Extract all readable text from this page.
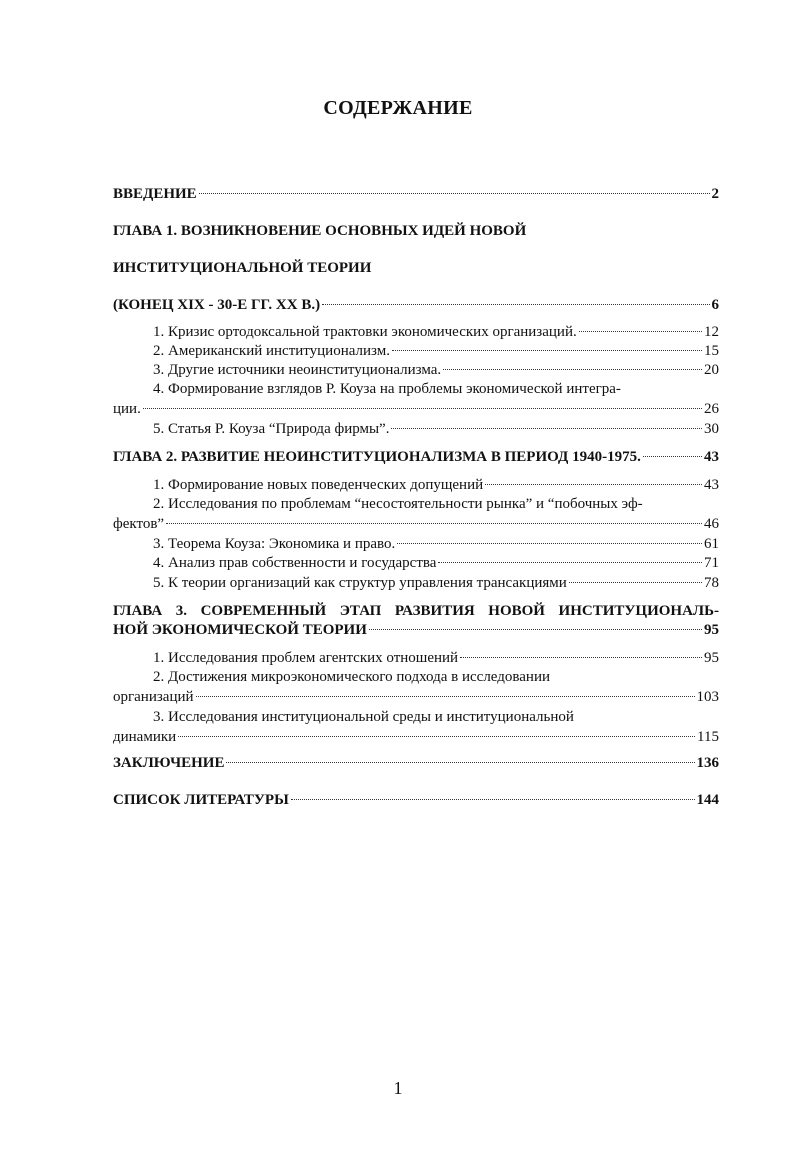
СОДЕРЖАНИЕ
ВВЕДЕНИЕ	2
ГЛАВА 1. ВОЗНИКНОВЕНИЕ ОСНОВНЫХ ИДЕЙ НОВОЙ
ИНСТИТУЦИОНАЛЬНОЙ ТЕОРИИ
(КОНЕЦ XIX - 30-Е ГГ. XX В.)	6
1. Кризис ортодоксальной трактовки экономических организаций.	12
2. Американский институционализм.	15
3. Другие источники неоинституционализма.	20
4. Формирование взглядов Р. Коуза на проблемы экономической интегра-
ции.	26
5. Статья Р. Коуза “Природа фирмы”.	30
ГЛАВА 2. РАЗВИТИЕ НЕОИНСТИТУЦИОНАЛИЗМА В ПЕРИОД 1940-1975.	43
1. Формирование новых поведенческих допущений	43
2. Исследования по проблемам “несостоятельности рынка” и “побочных эф-
фектов”	46
3. Теорема Коуза: Экономика и право.	61
4. Анализ прав собственности и государства	71
5. К теории организаций как структур управления трансакциями	78
ГЛАВА 3. СОВРЕМЕННЫЙ ЭТАП РАЗВИТИЯ НОВОЙ ИНСТИТУЦИОНАЛЬ-
НОЙ ЭКОНОМИЧЕСКОЙ ТЕОРИИ	95
1. Исследования проблем агентских отношений	95
2. Достижения микроэкономического подхода в исследовании
организаций	103
3. Исследования институциональной среды и институциональной
динамики	115
ЗАКЛЮЧЕНИЕ	136
СПИСОК ЛИТЕРАТУРЫ	144
1
